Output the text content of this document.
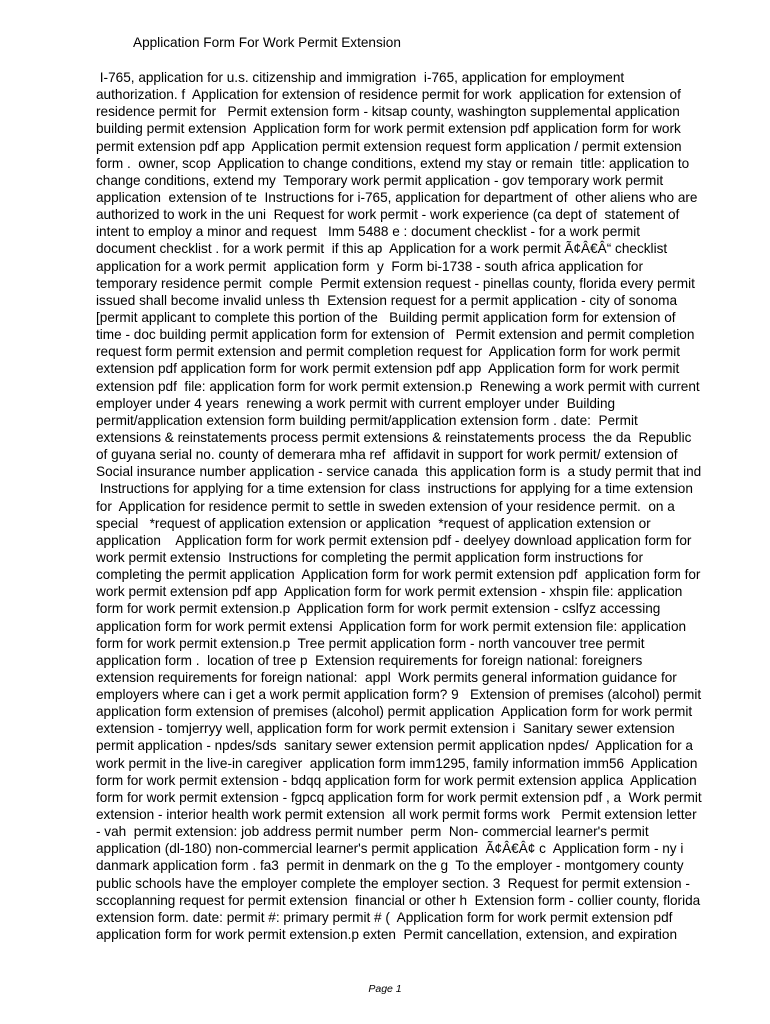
Application Form For Work Permit Extension
I-765, application for u.s. citizenship and immigration  i-765, application for employment
authorization. f  Application for extension of residence permit for work  application for extension of
residence permit for   Permit extension form - kitsap county, washington supplemental application
building permit extension  Application form for work permit extension pdf application form for work
permit extension pdf app  Application permit extension request form application / permit extension
form .  owner, scop  Application to change conditions, extend my stay or remain  title: application to
change conditions, extend my  Temporary work permit application - gov temporary work permit
application  extension of te  Instructions for i-765, application for department of  other aliens who are
authorized to work in the uni  Request for work permit - work experience (ca dept of  statement of
intent to employ a minor and request   Imm 5488 e : document checklist - for a work permit
document checklist . for a work permit  if this ap  Application for a work permit Ã¢Â€Â“ checklist
application for a work permit  application form  y  Form bi-1738 - south africa application for
temporary residence permit  comple  Permit extension request - pinellas county, florida every permit
issued shall become invalid unless th  Extension request for a permit application - city of sonoma
[permit applicant to complete this portion of the   Building permit application form for extension of
time - doc building permit application form for extension of   Permit extension and permit completion
request form permit extension and permit completion request for  Application form for work permit
extension pdf application form for work permit extension pdf app  Application form for work permit
extension pdf  file: application form for work permit extension.p  Renewing a work permit with current
employer under 4 years  renewing a work permit with current employer under  Building
permit/application extension form building permit/application extension form . date:  Permit
extensions & reinstatements process permit extensions & reinstatements process  the da  Republic
of guyana serial no. county of demerara mha ref  affidavit in support for work permit/ extension of
Social insurance number application - service canada  this application form is  a study permit that ind
Instructions for applying for a time extension for class  instructions for applying for a time extension
for  Application for residence permit to settle in sweden extension of your residence permit.  on a
special   *request of application extension or application  *request of application extension or
application    Application form for work permit extension pdf - deelyey download application form for
work permit extensio  Instructions for completing the permit application form instructions for
completing the permit application  Application form for work permit extension pdf  application form for
work permit extension pdf app  Application form for work permit extension - xhspin file: application
form for work permit extension.p  Application form for work permit extension - cslfyz accessing
application form for work permit extensi  Application form for work permit extension file: application
form for work permit extension.p  Tree permit application form - north vancouver tree permit
application form .  location of tree p  Extension requirements for foreign national: foreigners
extension requirements for foreign national:  appl  Work permits general information guidance for
employers where can i get a work permit application form? 9   Extension of premises (alcohol) permit
application form extension of premises (alcohol) permit application  Application form for work permit
extension - tomjerryy well, application form for work permit extension i  Sanitary sewer extension
permit application - npdes/sds  sanitary sewer extension permit application npdes/  Application for a
work permit in the live-in caregiver  application form imm1295, family information imm56  Application
form for work permit extension - bdqq application form for work permit extension applica  Application
form for work permit extension - fgpcq application form for work permit extension pdf , a  Work permit
extension - interior health work permit extension  all work permit forms work   Permit extension letter
- vah  permit extension: job address permit number  perm  Non- commercial learner's permit
application (dl-180) non-commercial learner's permit application  Ã¢Â€Â¢ c  Application form - ny i
danmark application form . fa3  permit in denmark on the g  To the employer - montgomery county
public schools have the employer complete the employer section. 3  Request for permit extension -
sccoplanning request for permit extension  financial or other h  Extension form - collier county, florida
extension form. date: permit #: primary permit # (  Application form for work permit extension pdf
application form for work permit extension.p exten  Permit cancellation, extension, and expiration
Page 1
